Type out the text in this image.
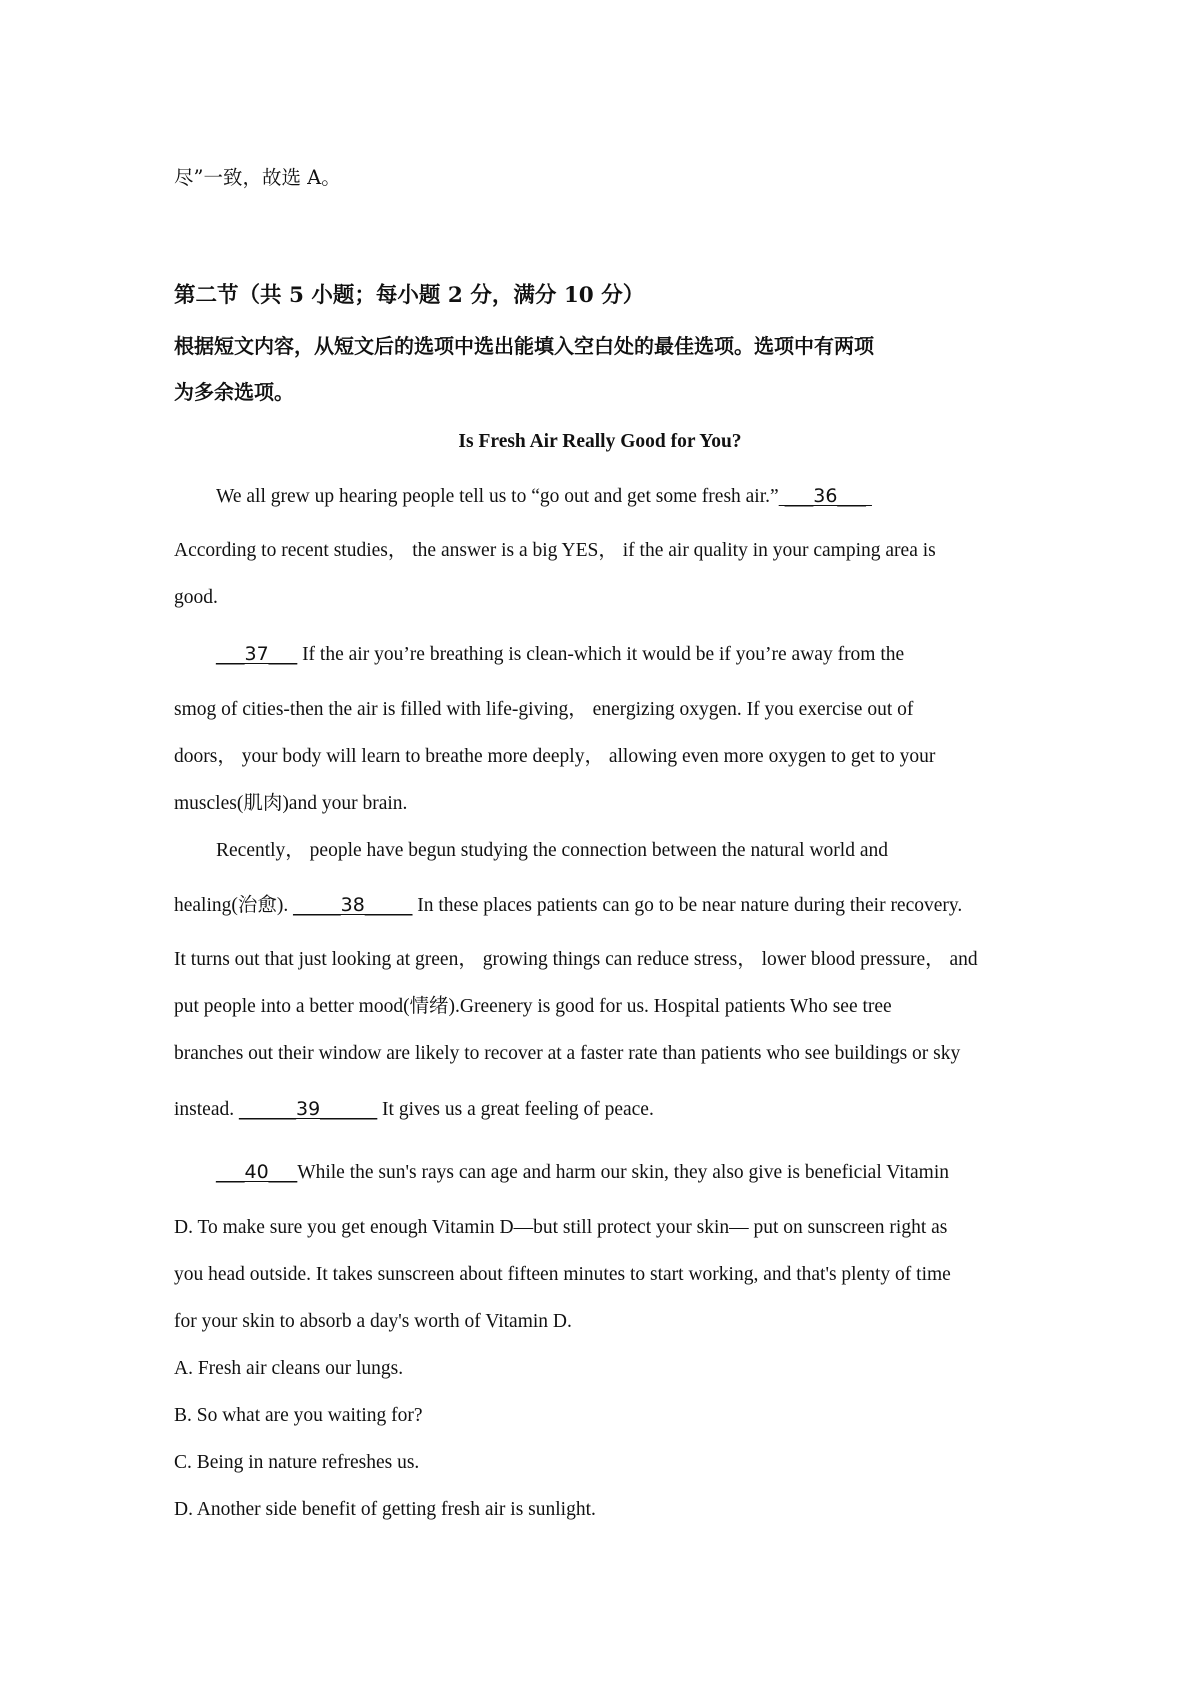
尽”一致，故选 A。
第二节（共 5 小题；每小题 2 分，满分 10 分）
根据短文内容，从短文后的选项中选出能填入空白处的最佳选项。选项中有两项
为多余选项。
Is Fresh Air Really Good for You?
We all grew up hearing people tell us to “go out and get some fresh air.” ___36___
According to recent studies， the answer is a big YES， if the air quality in your camping area is
good.
___37___ If the air you’re breathing is clean-which it would be if you’re away from the
smog of cities-then the air is filled with life-giving， energizing oxygen. If you exercise out of
doors， your body will learn to breathe more deeply， allowing even more oxygen to get to your
muscles(肌肉)and your brain.
Recently， people have begun studying the connection between the natural world and
healing(治愈). _____38_____ In these places patients can go to be near nature during their recovery.
It turns out that just looking at green， growing things can reduce stress， lower blood pressure， and
put people into a better mood(情绪).Greenery is good for us. Hospital patients Who see tree
branches out their window are likely to recover at a faster rate than patients who see buildings or sky
instead. ______39______ It gives us a great feeling of peace.
___40___While the sun's rays can age and harm our skin, they also give is beneficial Vitamin
D. To make sure you get enough Vitamin D—but still protect your skin— put on sunscreen right as
you head outside. It takes sunscreen about fifteen minutes to start working, and that's plenty of time
for your skin to absorb a day's worth of Vitamin D.
A. Fresh air cleans our lungs.
B. So what are you waiting for?
C. Being in nature refreshes us.
D. Another side benefit of getting fresh air is sunlight.
